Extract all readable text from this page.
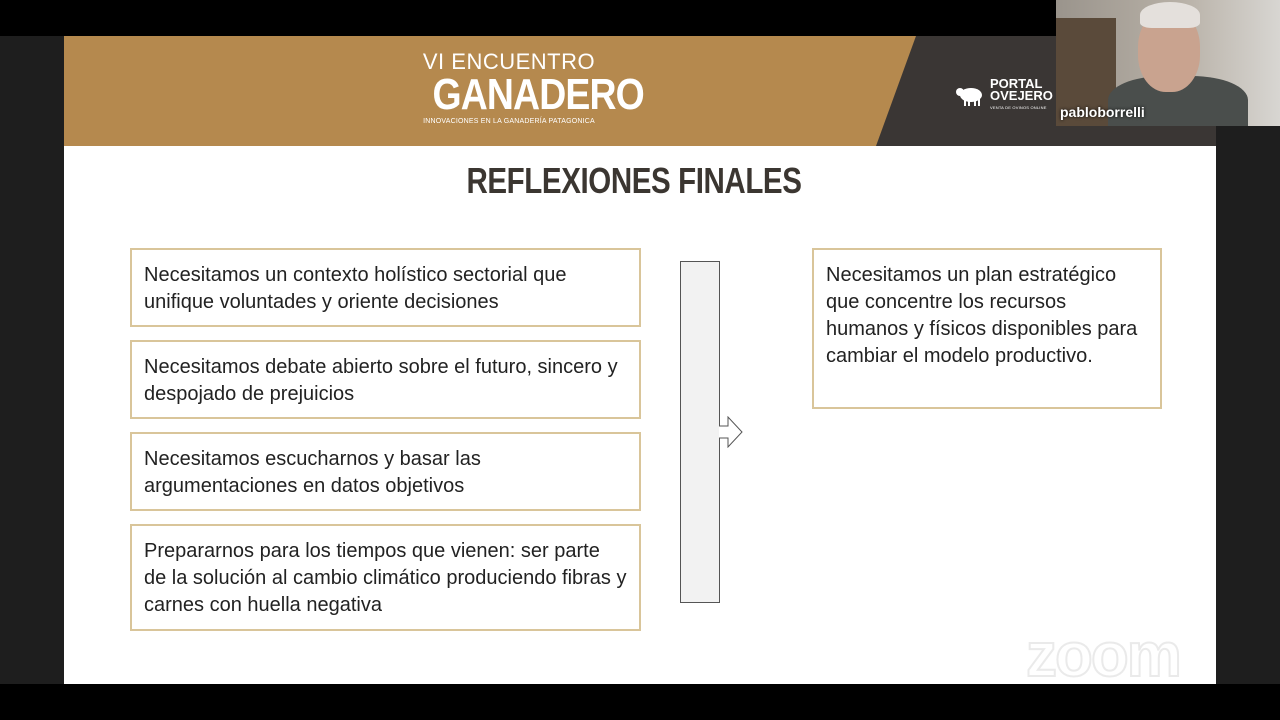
VI ENCUENTRO
GANADERO
INNOVACIONES EN LA GANADERÍA PATAGONICA
PORTAL
OVEJERO
VENTA DE OVINOS ONLINE
REFLEXIONES FINALES
Necesitamos un contexto holístico sectorial que unifique voluntades y oriente decisiones
Necesitamos debate abierto sobre el futuro, sincero y despojado de prejuicios
Necesitamos escucharnos y basar las argumentaciones en datos objetivos
Prepararnos para los tiempos que vienen: ser parte de la solución al cambio climático produciendo fibras y carnes con huella negativa
Necesitamos un plan estratégico que concentre los recursos humanos y físicos disponibles para cambiar el modelo productivo.
pabloborrelli
zoom
